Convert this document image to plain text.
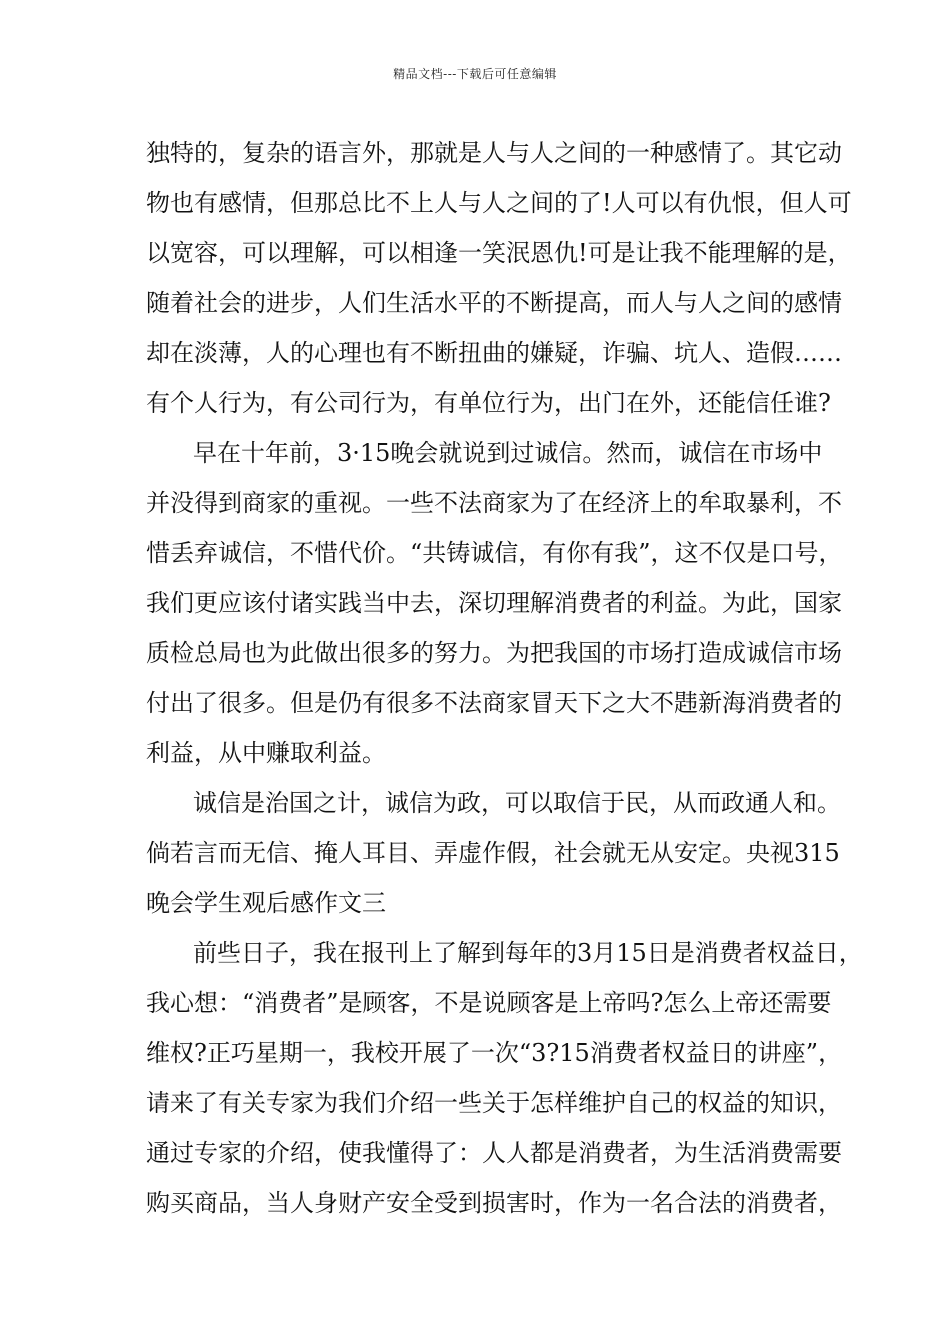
精品文档---下载后可任意编辑
独特的，复杂的语言外，那就是人与人之间的一种感情了。其它动
物也有感情，但那总比不上人与人之间的了!人可以有仇恨，但人可
以宽容，可以理解，可以相逢一笑泯恩仇!可是让我不能理解的是，
随着社会的进步，人们生活水平的不断提高，而人与人之间的感情
却在淡薄，人的心理也有不断扭曲的嫌疑，诈骗、坑人、造假……
有个人行为，有公司行为，有单位行为，出门在外，还能信任谁?
早在十年前，3·15晚会就说到过诚信。然而，诚信在市场中
并没得到商家的重视。一些不法商家为了在经济上的牟取暴利，不
惜丢弃诚信，不惜代价。“共铸诚信，有你有我”，这不仅是口号，
我们更应该付诸实践当中去，深切理解消费者的利益。为此，国家
质检总局也为此做出很多的努力。为把我国的市场打造成诚信市场
付出了很多。但是仍有很多不法商家冒天下之大不韪新海消费者的
利益，从中赚取利益。
诚信是治国之计，诚信为政，可以取信于民，从而政通人和。
倘若言而无信、掩人耳目、弄虚作假，社会就无从安定。央视315
晚会学生观后感作文三
前些日子，我在报刊上了解到每年的3月15日是消费者权益日，
我心想：“消费者”是顾客，不是说顾客是上帝吗?怎么上帝还需要
维权?正巧星期一，我校开展了一次“3?15消费者权益日的讲座”，
请来了有关专家为我们介绍一些关于怎样维护自己的权益的知识，
通过专家的介绍，使我懂得了：人人都是消费者，为生活消费需要
购买商品，当人身财产安全受到损害时，作为一名合法的消费者，
